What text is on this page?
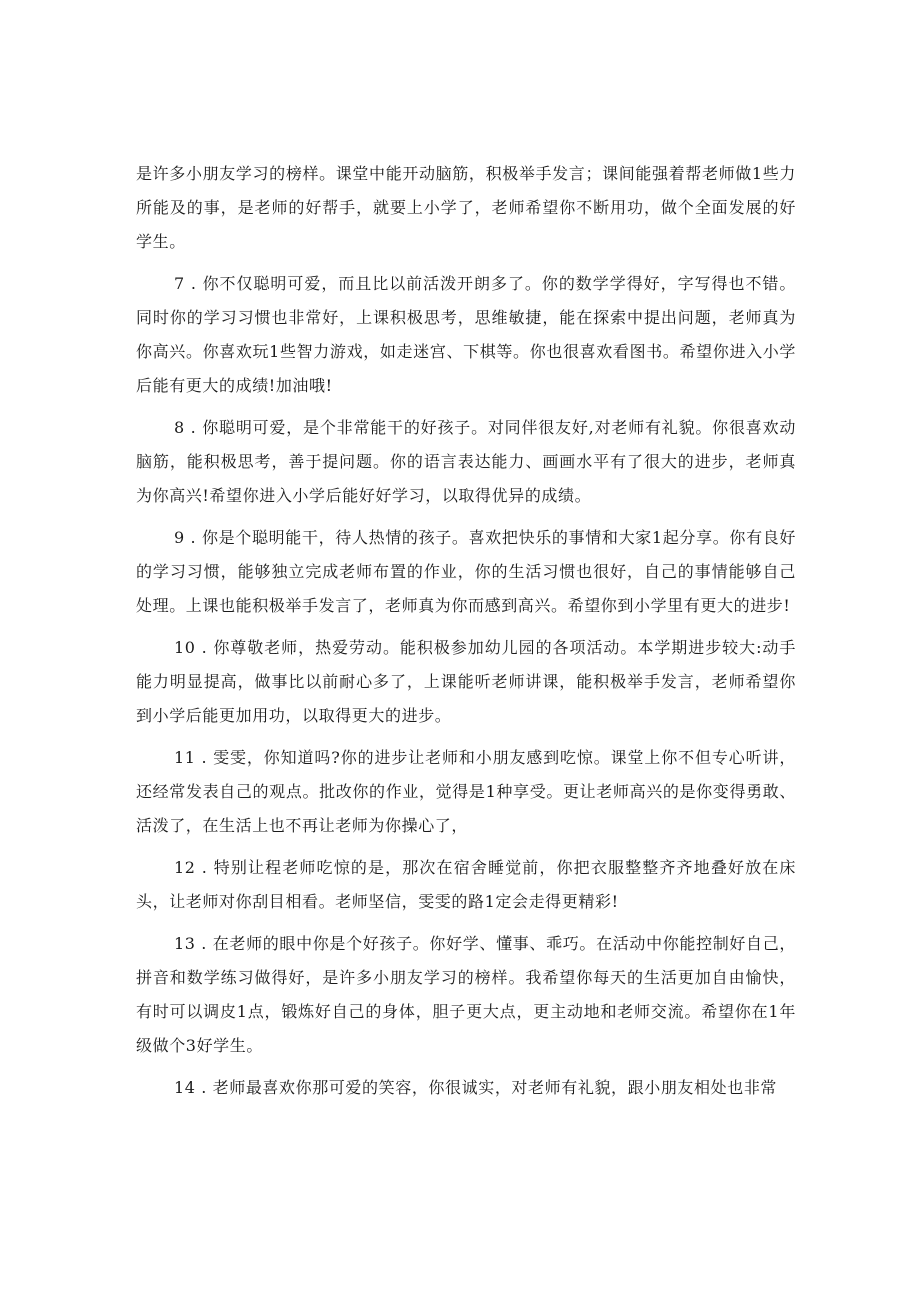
是许多小朋友学习的榜样。课堂中能开动脑筋，积极举手发言；课间能强着帮老师做1些力所能及的事，是老师的好帮手，就要上小学了，老师希望你不断用功，做个全面发展的好学生。

7 . 你不仅聪明可爱，而且比以前活泼开朗多了。你的数学学得好，字写得也不错。同时你的学习习惯也非常好，上课积极思考，思维敏捷，能在探索中提出问题，老师真为你高兴。你喜欢玩1些智力游戏，如走迷宫、下棋等。你也很喜欢看图书。希望你进入小学后能有更大的成绩!加油哦!

8 . 你聪明可爱，是个非常能干的好孩子。对同伴很友好,对老师有礼貌。你很喜欢动脑筋，能积极思考，善于提问题。你的语言表达能力、画画水平有了很大的进步，老师真为你高兴!希望你进入小学后能好好学习，以取得优异的成绩。

9 . 你是个聪明能干，待人热情的孩子。喜欢把快乐的事情和大家1起分享。你有良好的学习习惯，能够独立完成老师布置的作业，你的生活习惯也很好，自己的事情能够自己处理。上课也能积极举手发言了，老师真为你而感到高兴。希望你到小学里有更大的进步!

10 . 你尊敬老师，热爱劳动。能积极参加幼儿园的各项活动。本学期进步较大:动手能力明显提高，做事比以前耐心多了，上课能听老师讲课，能积极举手发言，老师希望你到小学后能更加用功，以取得更大的进步。

11 . 雯雯，你知道吗?你的进步让老师和小朋友感到吃惊。课堂上你不但专心听讲，还经常发表自己的观点。批改你的作业，觉得是1种享受。更让老师高兴的是你变得勇敢、活泼了，在生活上也不再让老师为你操心了，

12 . 特别让程老师吃惊的是，那次在宿舍睡觉前，你把衣服整整齐齐地叠好放在床头，让老师对你刮目相看。老师坚信，雯雯的路1定会走得更精彩!

13 . 在老师的眼中你是个好孩子。你好学、懂事、乖巧。在活动中你能控制好自己，拼音和数学练习做得好，是许多小朋友学习的榜样。我希望你每天的生活更加自由愉快，有时可以调皮1点，锻炼好自己的身体，胆子更大点，更主动地和老师交流。希望你在1年级做个3好学生。

14 . 老师最喜欢你那可爱的笑容，你很诚实，对老师有礼貌，跟小朋友相处也非常
